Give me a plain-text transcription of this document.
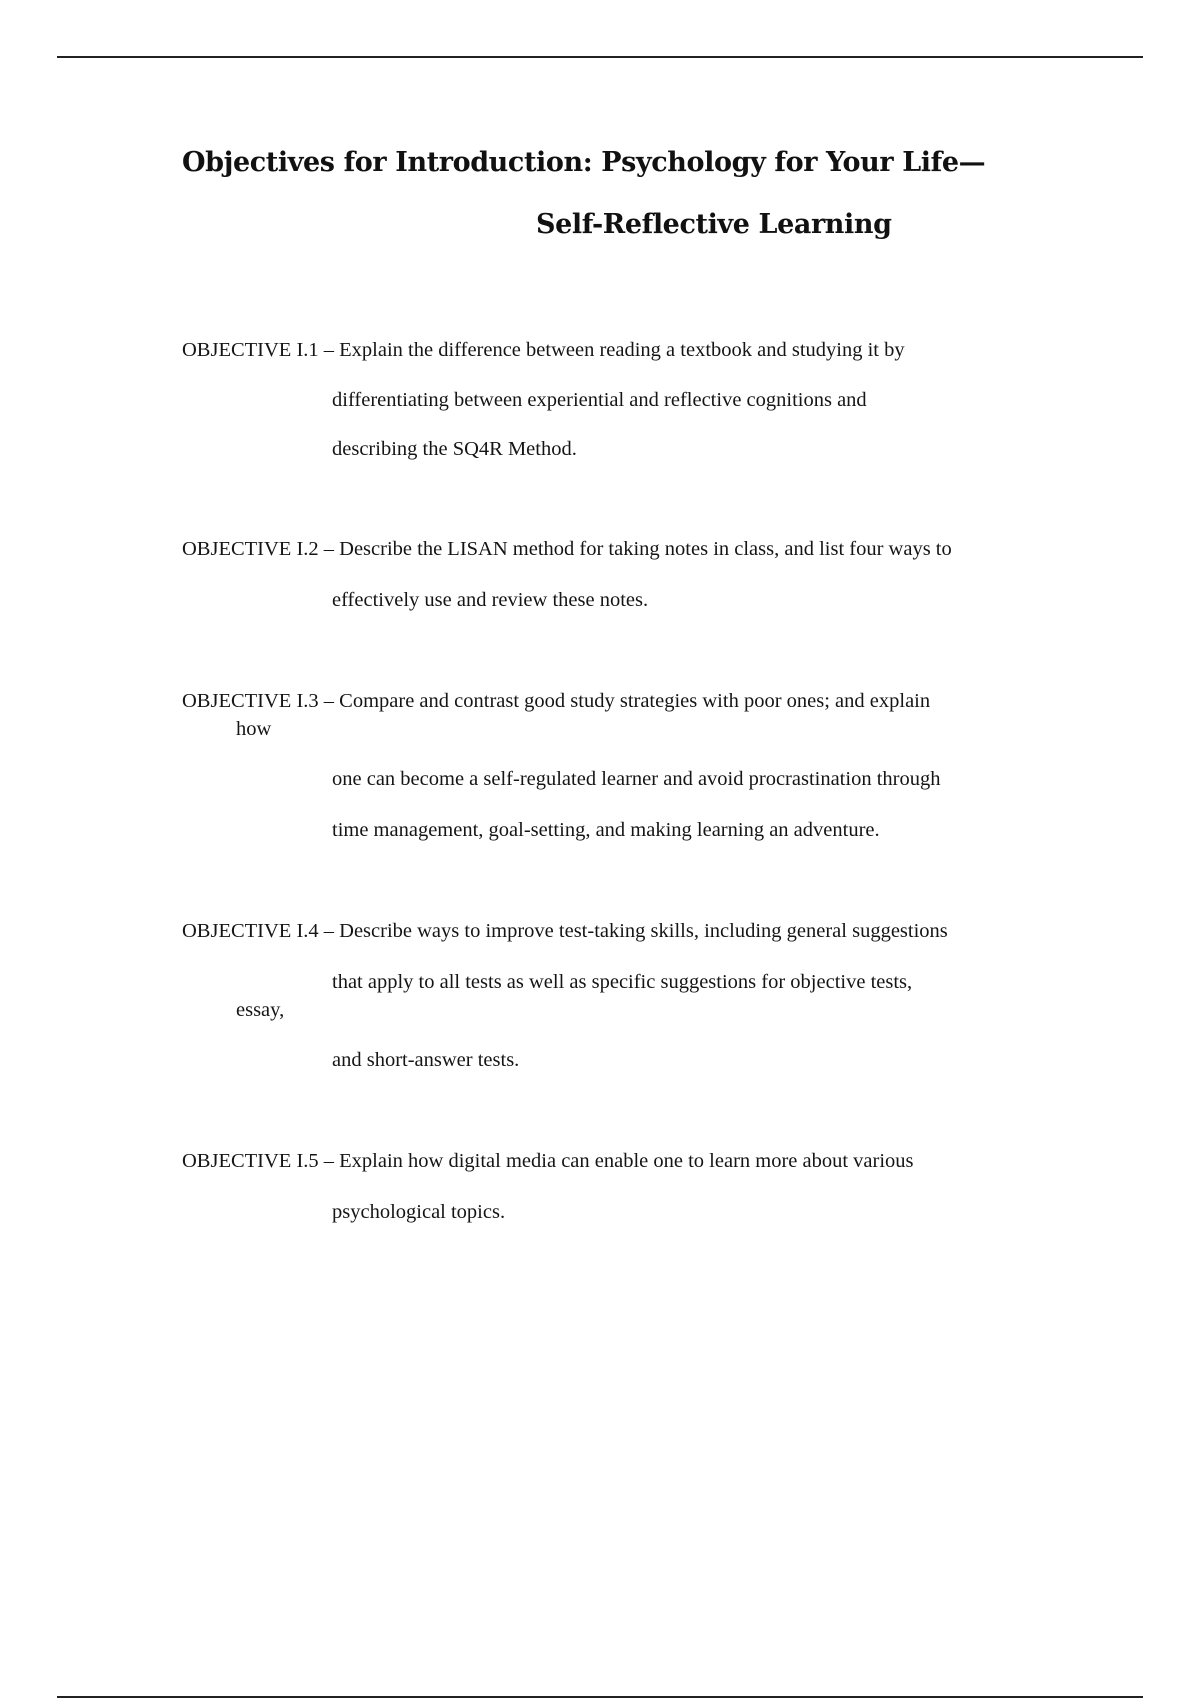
Objectives for Introduction: Psychology for Your Life—
Self-Reflective Learning
OBJECTIVE I.1 – Explain the difference between reading a textbook and studying it by
differentiating between experiential and reflective cognitions and
describing the SQ4R Method.
OBJECTIVE I.2 – Describe the LISAN method for taking notes in class, and list four ways to
effectively use and review these notes.
OBJECTIVE I.3 – Compare and contrast good study strategies with poor ones; and explain
how
one can become a self-regulated learner and avoid procrastination through
time management, goal-setting, and making learning an adventure.
OBJECTIVE I.4 – Describe ways to improve test-taking skills, including general suggestions
that apply to all tests as well as specific suggestions for objective tests,
essay,
and short-answer tests.
OBJECTIVE I.5 – Explain how digital media can enable one to learn more about various
psychological topics.
